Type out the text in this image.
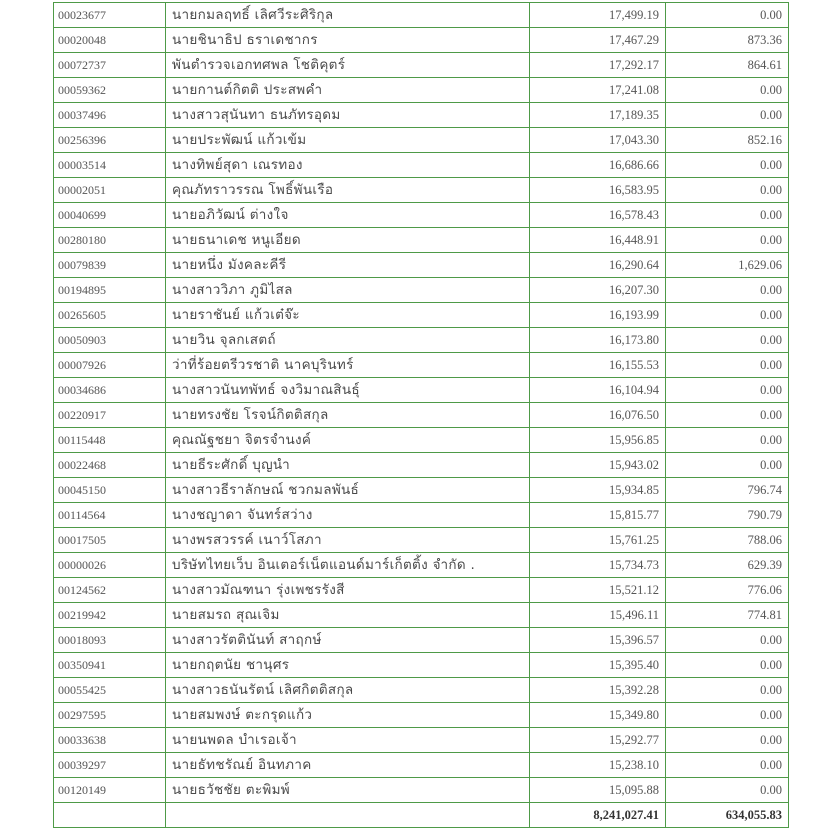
00023677	นายกมลฤทธิ์ เลิศวีระศิริกุล	17,499.19	0.00
00020048	นายชินาธิป ธราเดชากร	17,467.29	873.36
00072737	พันตำรวจเอกทศพล โชติคุตร์	17,292.17	864.61
00059362	นายกานต์กิตติ ประสพคำ	17,241.08	0.00
00037496	นางสาวสุนันทา ธนภัทรอุดม	17,189.35	0.00
00256396	นายประพัฒน์ แก้วเข้ม	17,043.30	852.16
00003514	นางทิพย์สุดา เณรทอง	16,686.66	0.00
00002051	คุณภัทราวรรณ โพธิ์พันเรือ	16,583.95	0.00
00040699	นายอภิวัฒน์ ต่างใจ	16,578.43	0.00
00280180	นายธนาเดช หนูเอียด	16,448.91	0.00
00079839	นายหนึ่ง มังคละคีรี	16,290.64	1,629.06
00194895	นางสาววิภา ภูมิไสล	16,207.30	0.00
00265605	นายราชันย์ แก้วเต๋จ๊ะ	16,193.99	0.00
00050903	นายวิน จุลกเสตถ์	16,173.80	0.00
00007926	ว่าที่ร้อยตรีวรชาติ นาคบุรินทร์	16,155.53	0.00
00034686	นางสาวนันทพัทธ์ จงวิมาณสินธุ์	16,104.94	0.00
00220917	นายทรงชัย โรจน์กิตติสกุล	16,076.50	0.00
00115448	คุณณัฐชยา จิตรจำนงค์	15,956.85	0.00
00022468	นายธีระศักดิ์ บุญนำ	15,943.02	0.00
00045150	นางสาวธีราลักษณ์ ชวกมลพันธ์	15,934.85	796.74
00114564	นางชญาดา จันทร์สว่าง	15,815.77	790.79
00017505	นางพรสวรรค์ เนาว์โสภา	15,761.25	788.06
00000026	บริษัทไทยเว็บ อินเตอร์เน็ตแอนด์มาร์เก็ตติ้ง จำกัด .	15,734.73	629.39
00124562	นางสาวมัณฑนา รุ่งเพชรรังสี	15,521.12	776.06
00219942	นายสมรถ สุณเจิม	15,496.11	774.81
00018093	นางสาวรัตตินันท์ สาฤกษ์	15,396.57	0.00
00350941	นายกฤตนัย ชานุศร	15,395.40	0.00
00055425	นางสาวธนันรัตน์ เลิศกิตติสกุล	15,392.28	0.00
00297595	นายสมพงษ์ ตะกรุดแก้ว	15,349.80	0.00
00033638	นายนพดล บำเรอเจ้า	15,292.77	0.00
00039297	นายธัทชรัณย์ อินทภาค	15,238.10	0.00
00120149	นายธวัชชัย ตะพิมพ์	15,095.88	0.00
		8,241,027.41	634,055.83
